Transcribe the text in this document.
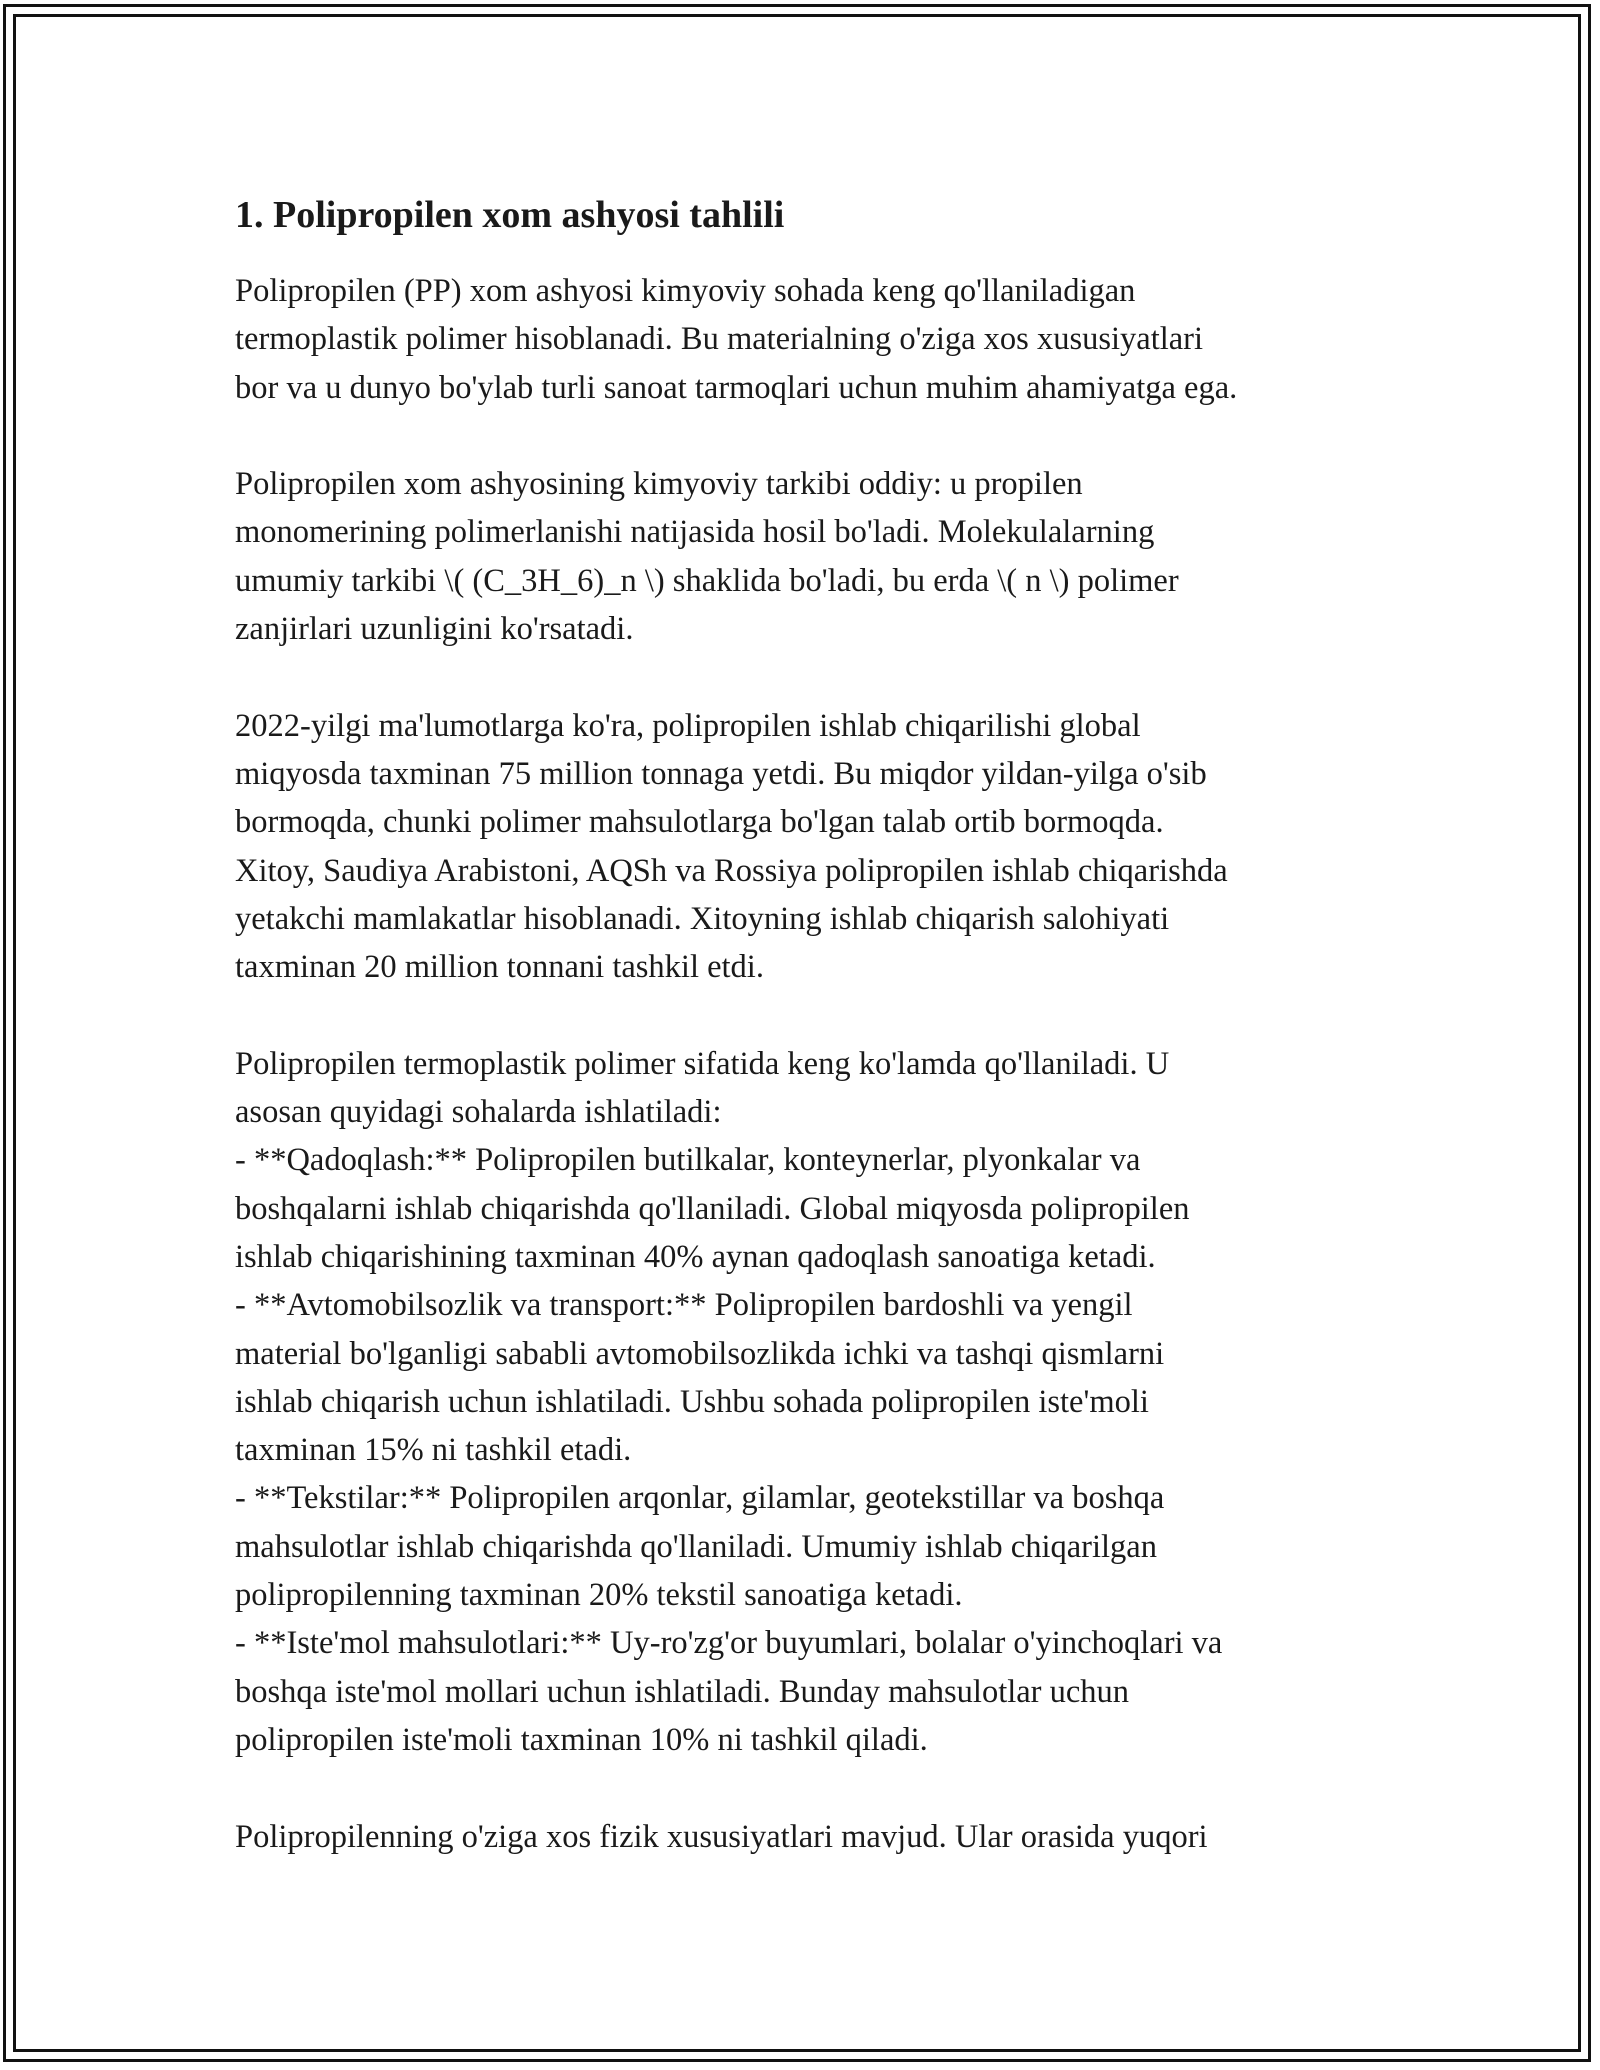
1. Polipropilen xom ashyosi tahlili

Polipropilen (PP) xom ashyosi kimyoviy sohada keng qo'llaniladigan
termoplastik polimer hisoblanadi. Bu materialning o'ziga xos xususiyatlari
bor va u dunyo bo'ylab turli sanoat tarmoqlari uchun muhim ahamiyatga ega.

Polipropilen xom ashyosining kimyoviy tarkibi oddiy: u propilen
monomerining polimerlanishi natijasida hosil bo'ladi. Molekulalarning
umumiy tarkibi \( (C_3H_6)_n \) shaklida bo'ladi, bu erda \( n \) polimer
zanjirlari uzunligini ko'rsatadi.

2022-yilgi ma'lumotlarga ko'ra, polipropilen ishlab chiqarilishi global
miqyosda taxminan 75 million tonnaga yetdi. Bu miqdor yildan-yilga o'sib
bormoqda, chunki polimer mahsulotlarga bo'lgan talab ortib bormoqda.
Xitoy, Saudiya Arabistoni, AQSh va Rossiya polipropilen ishlab chiqarishda
yetakchi mamlakatlar hisoblanadi. Xitoyning ishlab chiqarish salohiyati
taxminan 20 million tonnani tashkil etdi.

Polipropilen termoplastik polimer sifatida keng ko'lamda qo'llaniladi. U
asosan quyidagi sohalarda ishlatiladi:
- **Qadoqlash:** Polipropilen butilkalar, konteynerlar, plyonkalar va
boshqalarni ishlab chiqarishda qo'llaniladi. Global miqyosda polipropilen
ishlab chiqarishining taxminan 40% aynan qadoqlash sanoatiga ketadi.
- **Avtomobilsozlik va transport:** Polipropilen bardoshli va yengil
material bo'lganligi sababli avtomobilsozlikda ichki va tashqi qismlarni
ishlab chiqarish uchun ishlatiladi. Ushbu sohada polipropilen iste'moli
taxminan 15% ni tashkil etadi.
- **Tekstilar:** Polipropilen arqonlar, gilamlar, geotekstillar va boshqa
mahsulotlar ishlab chiqarishda qo'llaniladi. Umumiy ishlab chiqarilgan
polipropilenning taxminan 20% tekstil sanoatiga ketadi.
- **Iste'mol mahsulotlari:** Uy-ro'zg'or buyumlari, bolalar o'yinchoqlari va
boshqa iste'mol mollari uchun ishlatiladi. Bunday mahsulotlar uchun
polipropilen iste'moli taxminan 10% ni tashkil qiladi.

Polipropilenning o'ziga xos fizik xususiyatlari mavjud. Ular orasida yuqori
